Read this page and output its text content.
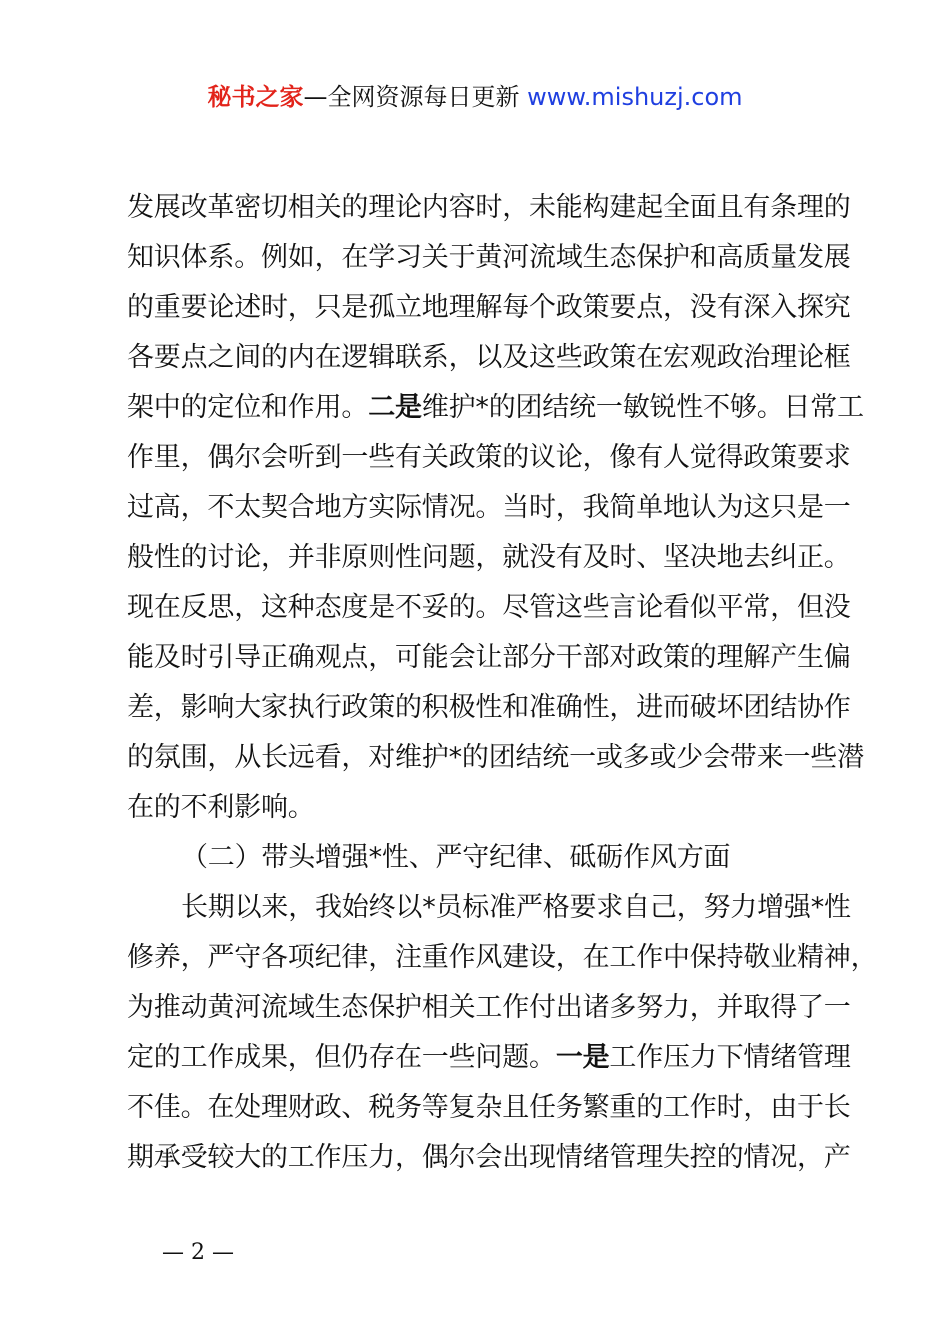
秘书之家—全网资源每日更新 www.mishuzj.com
发展改革密切相关的理论内容时，未能构建起全面且有条理的
知识体系。例如，在学习关于黄河流域生态保护和高质量发展
的重要论述时，只是孤立地理解每个政策要点，没有深入探究
各要点之间的内在逻辑联系，以及这些政策在宏观政治理论框
架中的定位和作用。二是维护*的团结统一敏锐性不够。日常工
作里，偶尔会听到一些有关政策的议论，像有人觉得政策要求
过高，不太契合地方实际情况。当时，我简单地认为这只是一
般性的讨论，并非原则性问题，就没有及时、坚决地去纠正。
现在反思，这种态度是不妥的。尽管这些言论看似平常，但没
能及时引导正确观点，可能会让部分干部对政策的理解产生偏
差，影响大家执行政策的积极性和准确性，进而破坏团结协作
的氛围，从长远看，对维护*的团结统一或多或少会带来一些潜
在的不利影响。
（二）带头增强*性、严守纪律、砥砺作风方面
长期以来，我始终以*员标准严格要求自己，努力增强*性
修养，严守各项纪律，注重作风建设，在工作中保持敬业精神，
为推动黄河流域生态保护相关工作付出诸多努力，并取得了一
定的工作成果，但仍存在一些问题。一是工作压力下情绪管理
不佳。在处理财政、税务等复杂且任务繁重的工作时，由于长
期承受较大的工作压力，偶尔会出现情绪管理失控的情况，产
— 2 —
